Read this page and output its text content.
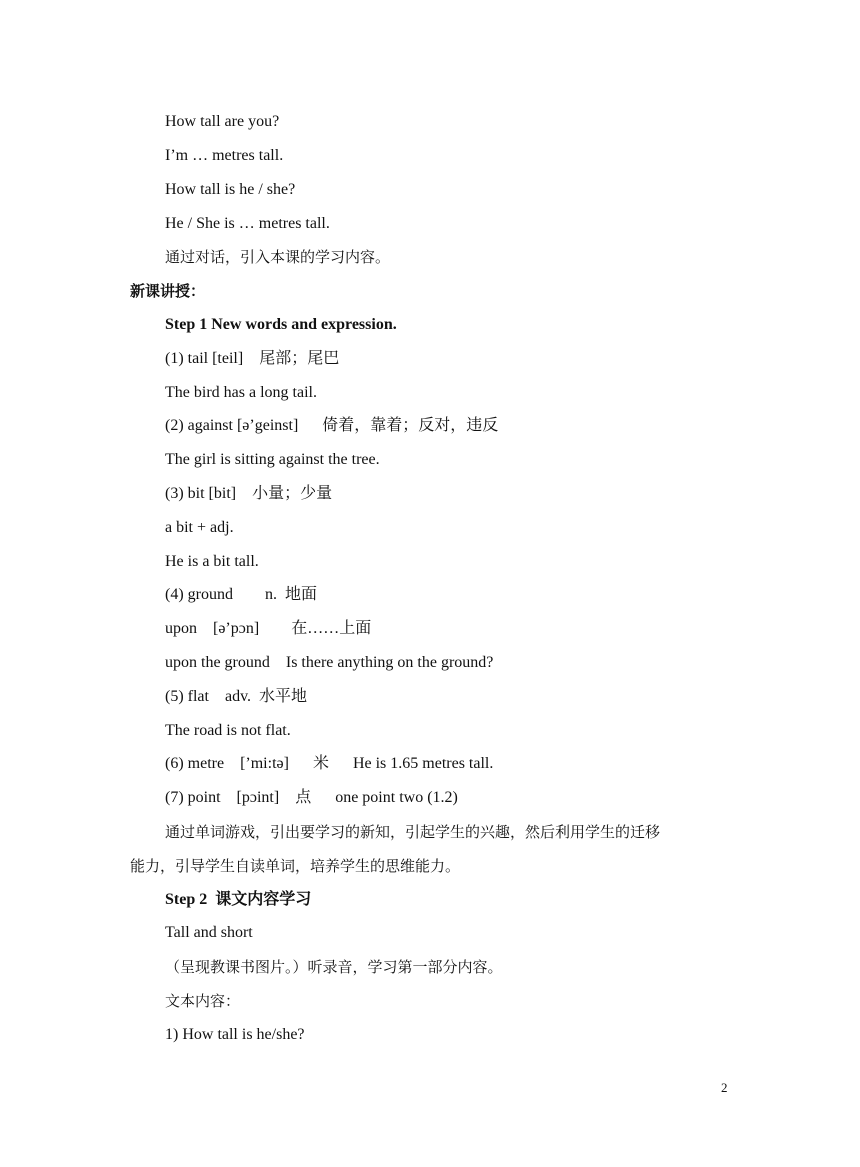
How tall are you?
I’m … metres tall.
How tall is he / she?
He / She is … metres tall.
通过对话，引入本课的学习内容。
新课讲授：
Step 1 New words and expression.
(1) tail [teil]    尾部；尾巴
The bird has a long tail.
(2) against [ə’geinst]      倚着，靠着；反对，违反
The girl is sitting against the tree.
(3) bit [bit]    小量；少量
a bit + adj.
He is a bit tall.
(4) ground        n.  地面
upon    [ə’pɔn]        在……上面
upon the ground    Is there anything on the ground?
(5) flat    adv.  水平地
The road is not flat.
(6) metre    [’mi:tə]      米      He is 1.65 metres tall.
(7) point    [pɔint]    点      one point two (1.2)
通过单词游戏，引出要学习的新知，引起学生的兴趣，然后利用学生的迁移
能力，引导学生自读单词，培养学生的思维能力。
Step 2  课文内容学习
Tall and short
（呈现教课书图片。）听录音，学习第一部分内容。
文本内容：
1) How tall is he/she?
2
